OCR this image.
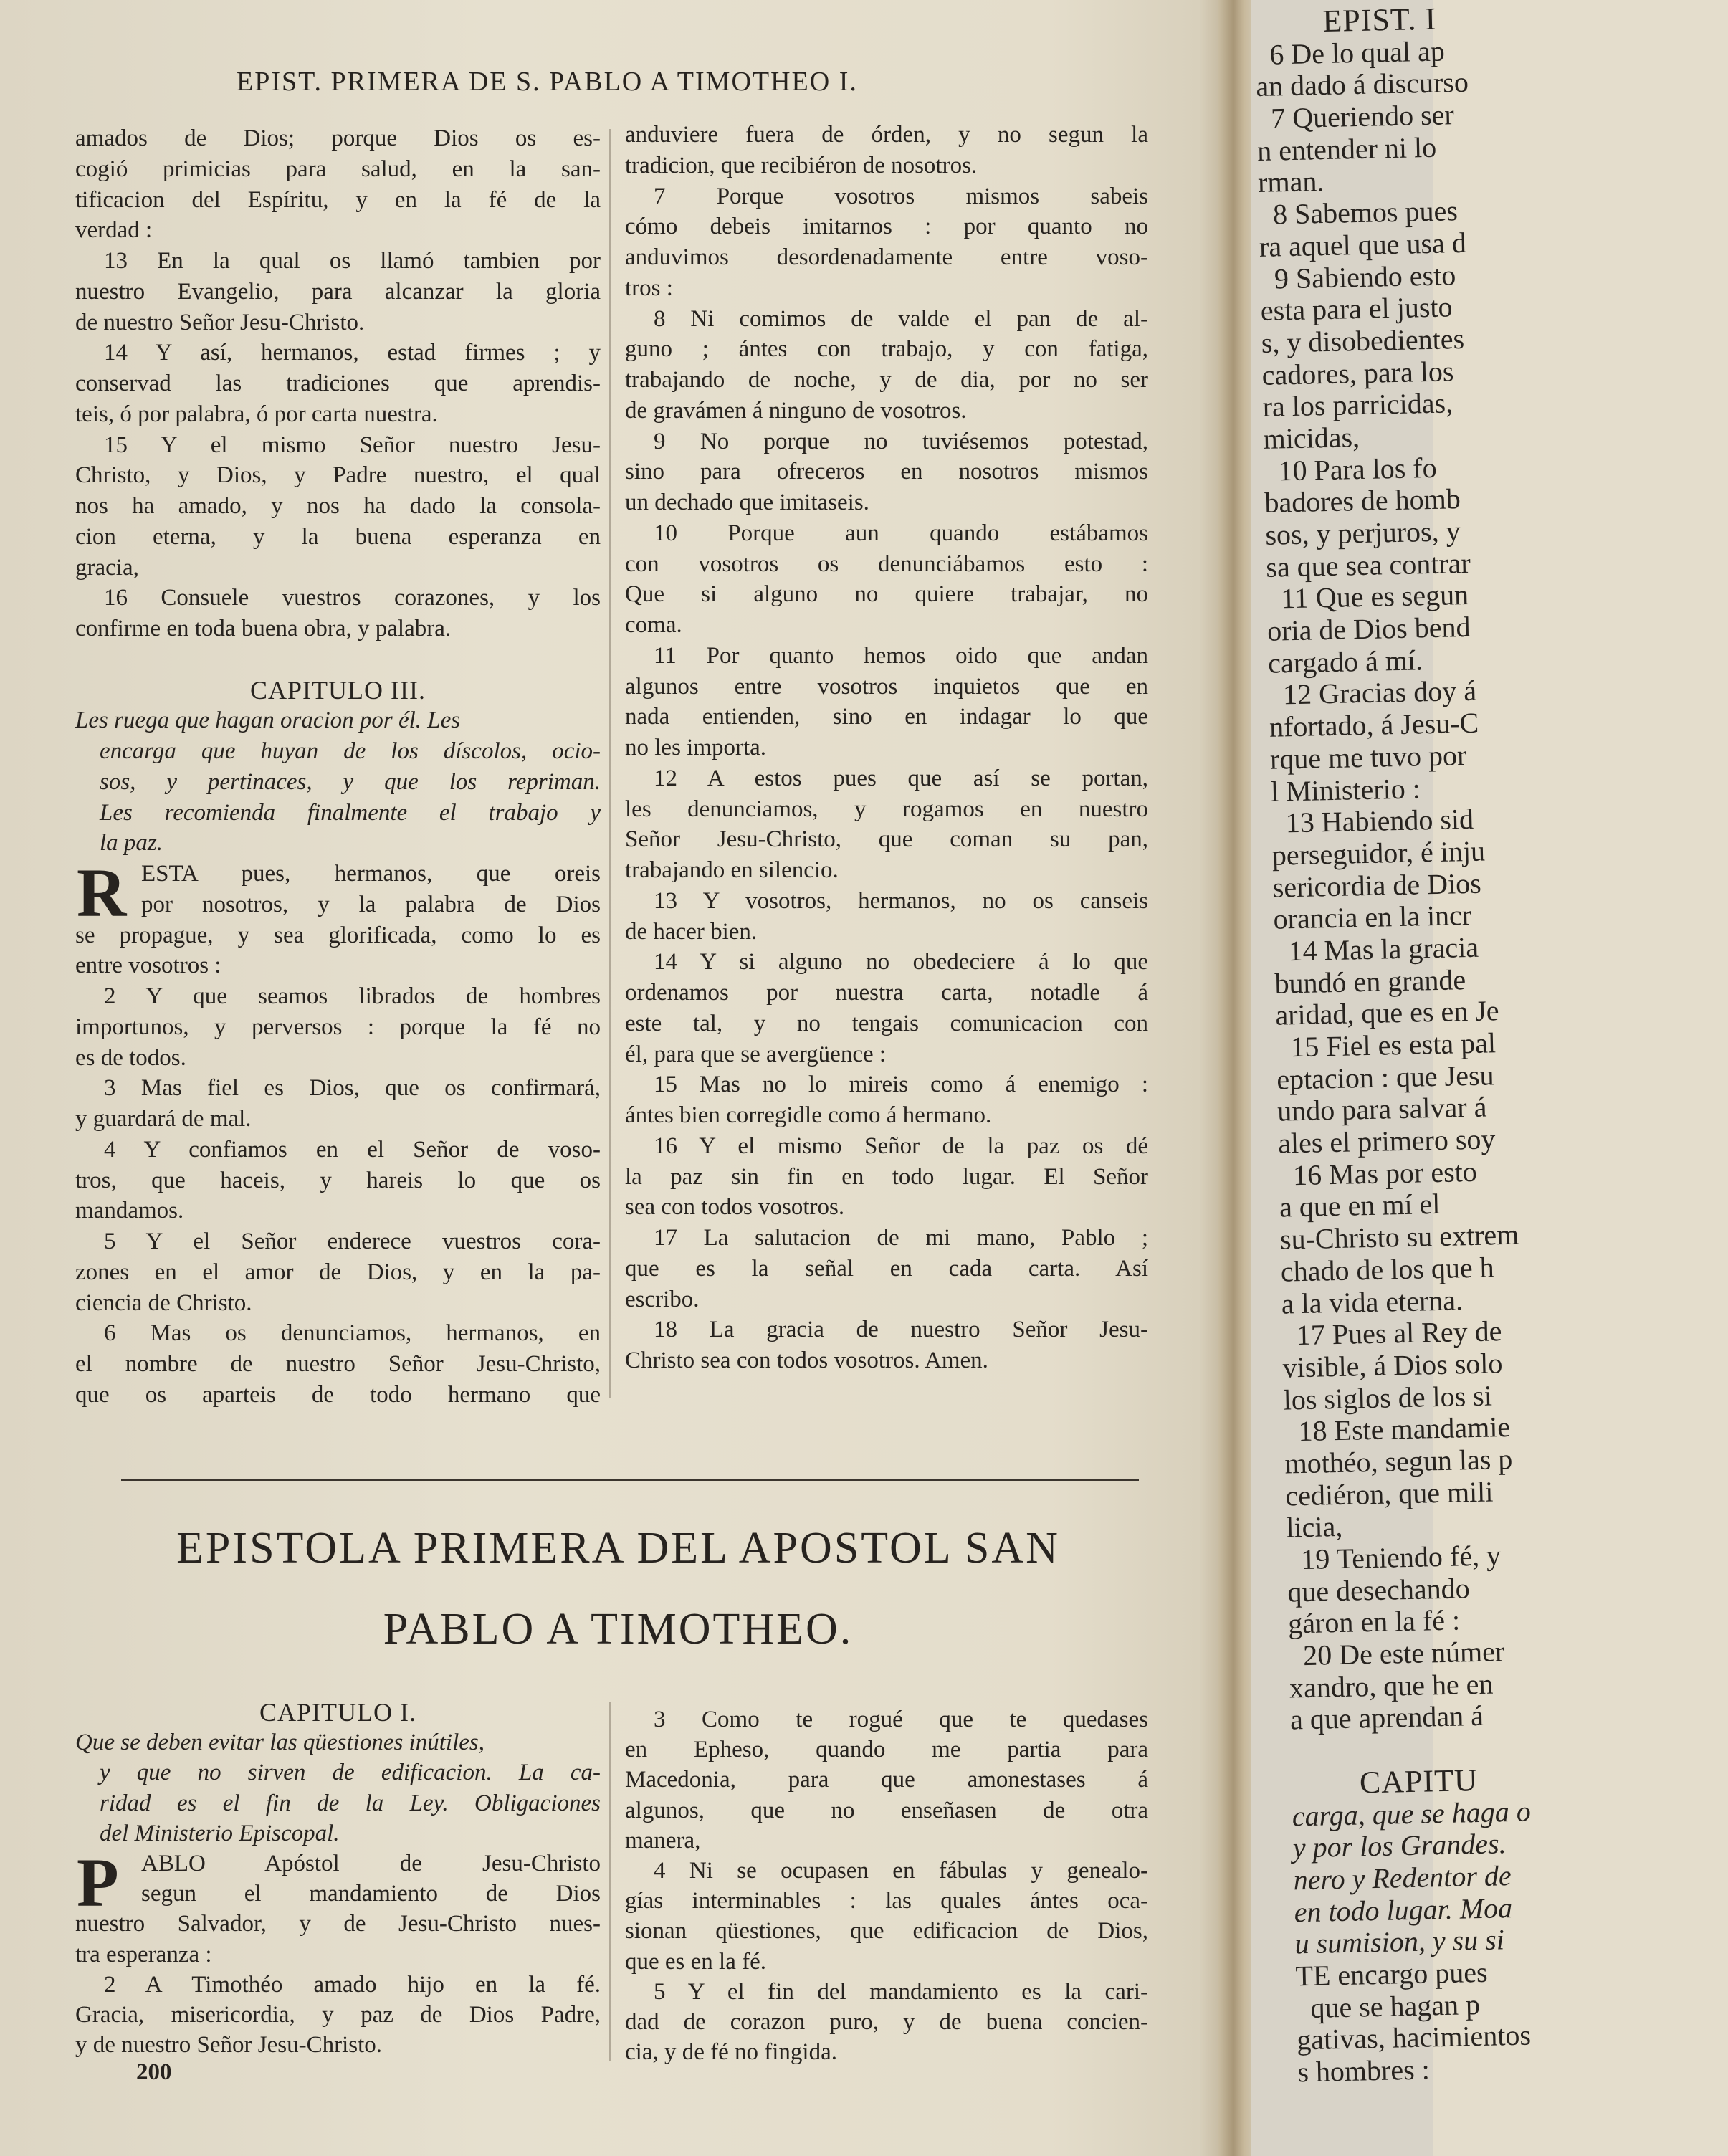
EPIST. PRIMERA DE S. PABLO A TIMOTHEO I.
amados de Dios; porque Dios os es-
cogió primicias para salud, en la san-
tificacion del Espíritu, y en la fé de la
verdad :
13 En la qual os llamó tambien por
nuestro Evangelio, para alcanzar la gloria
de nuestro Señor Jesu-Christo.
14 Y así, hermanos, estad firmes ; y
conservad las tradiciones que aprendis-
teis, ó por palabra, ó por carta nuestra.
15 Y el mismo Señor nuestro Jesu-
Christo, y Dios, y Padre nuestro, el qual
nos ha amado, y nos ha dado la consola-
cion eterna, y la buena esperanza en
gracia,
16 Consuele vuestros corazones, y los
confirme en toda buena obra, y palabra.
CAPITULO III.
Les ruega que hagan oracion por él. Les
encarga que huyan de los díscolos, ocio-
sos, y pertinaces, y que los repriman.
Les recomienda finalmente el trabajo y
la paz.
R ESTA pues, hermanos, que oreis
por nosotros, y la palabra de Dios
se propague, y sea glorificada, como lo es
entre vosotros :
2 Y que seamos librados de hombres
importunos, y perversos : porque la fé no
es de todos.
3 Mas fiel es Dios, que os confirmará,
y guardará de mal.
4 Y confiamos en el Señor de voso-
tros, que haceis, y hareis lo que os
mandamos.
5 Y el Señor enderece vuestros cora-
zones en el amor de Dios, y en la pa-
ciencia de Christo.
6 Mas os denunciamos, hermanos, en
el nombre de nuestro Señor Jesu-Christo,
que os aparteis de todo hermano que
anduviere fuera de órden, y no segun la
tradicion, que recibiéron de nosotros.
7 Porque vosotros mismos sabeis
cómo debeis imitarnos : por quanto no
anduvimos desordenadamente entre voso-
tros :
8 Ni comimos de valde el pan de al-
guno ; ántes con trabajo, y con fatiga,
trabajando de noche, y de dia, por no ser
de gravámen á ninguno de vosotros.
9 No porque no tuviésemos potestad,
sino para ofreceros en nosotros mismos
un dechado que imitaseis.
10 Porque aun quando estábamos
con vosotros os denunciábamos esto :
Que si alguno no quiere trabajar, no
coma.
11 Por quanto hemos oido que andan
algunos entre vosotros inquietos que en
nada entienden, sino en indagar lo que
no les importa.
12 A estos pues que así se portan,
les denunciamos, y rogamos en nuestro
Señor Jesu-Christo, que coman su pan,
trabajando en silencio.
13 Y vosotros, hermanos, no os canseis
de hacer bien.
14 Y si alguno no obedeciere á lo que
ordenamos por nuestra carta, notadle á
este tal, y no tengais comunicacion con
él, para que se avergüence :
15 Mas no lo mireis como á enemigo :
ántes bien corregidle como á hermano.
16 Y el mismo Señor de la paz os dé
la paz sin fin en todo lugar. El Señor
sea con todos vosotros.
17 La salutacion de mi mano, Pablo ;
que es la señal en cada carta. Así
escribo.
18 La gracia de nuestro Señor Jesu-
Christo sea con todos vosotros. Amen.
EPISTOLA PRIMERA DEL APOSTOL SAN
PABLO A TIMOTHEO.
CAPITULO I.
Que se deben evitar las qüestiones inútiles,
y que no sirven de edificacion. La ca-
ridad es el fin de la Ley. Obligaciones
del Ministerio Episcopal.
P ABLO Apóstol de Jesu-Christo
segun el mandamiento de Dios
nuestro Salvador, y de Jesu-Christo nues-
tra esperanza :
2 A Timothéo amado hijo en la fé.
Gracia, misericordia, y paz de Dios Padre,
y de nuestro Señor Jesu-Christo.
3 Como te rogué que te quedases
en Epheso, quando me partia para
Macedonia, para que amonestases á
algunos, que no enseñasen de otra
manera,
4 Ni se ocupasen en fábulas y genealo-
gías interminables : las quales ántes oca-
sionan qüestiones, que edificacion de Dios,
que es en la fé.
5 Y el fin del mandamiento es la cari-
dad de corazon puro, y de buena concien-
cia, y de fé no fingida.
200
EPIST. I
6 De lo qual ap
an dado á discurso
7 Queriendo ser
n entender ni lo
rman.
8 Sabemos pues
ra aquel que usa d
9 Sabiendo esto
esta para el justo
s, y disobedientes
cadores, para los
ra los parricidas,
micidas,
10 Para los fo
badores de homb
sos, y perjuros, y
sa que sea contrar
11 Que es segun
oria de Dios bend
cargado á mí.
12 Gracias doy á
nfortado, á Jesu-C
rque me tuvo por
l Ministerio :
13 Habiendo sid
perseguidor, é inju
sericordia de Dios
orancia en la incr
14 Mas la gracia
bundó en grande
aridad, que es en Je
15 Fiel es esta pal
eptacion : que Jesu
undo para salvar á
ales el primero soy
16 Mas por esto
a que en mí el
su-Christo su extrem
chado de los que h
a la vida eterna.
17 Pues al Rey de
visible, á Dios solo
los siglos de los si
18 Este mandamie
mothéo, segun las p
cediéron, que mili
licia,
19 Teniendo fé, y
que desechando
gáron en la fé :
20 De este númer
xandro, que he en
a que aprendan á
CAPITU
carga, que se haga o
y por los Grandes.
nero y Redentor de
en todo lugar. Moa
u sumision, y su si
TE encargo pues
que se hagan p
gativas, hacimientos
s hombres :
